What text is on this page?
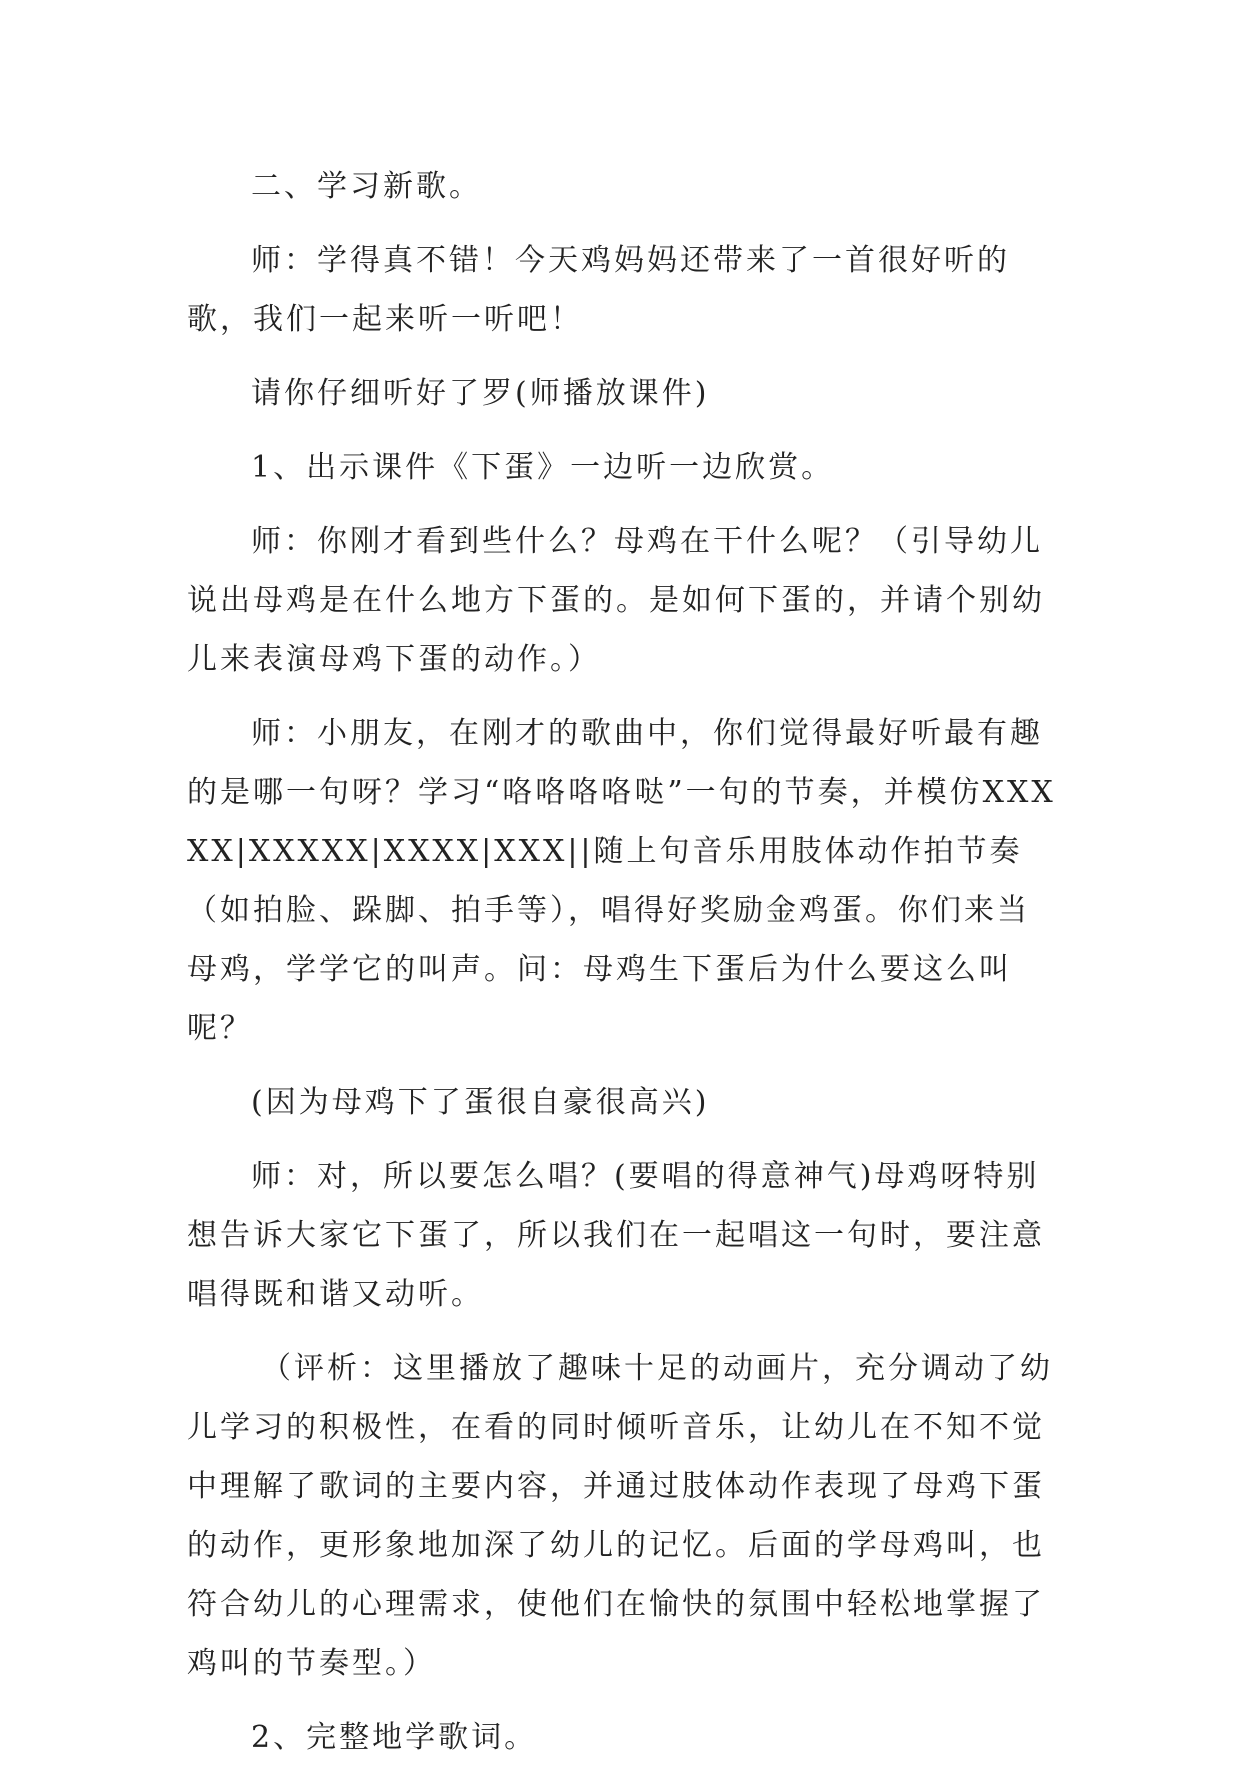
二、学习新歌。

师：学得真不错！今天鸡妈妈还带来了一首很好听的歌，我们一起来听一听吧！

请你仔细听好了罗(师播放课件)

1、出示课件《下蛋》一边听一边欣赏。

师：你刚才看到些什么？母鸡在干什么呢？（引导幼儿说出母鸡是在什么地方下蛋的。是如何下蛋的，并请个别幼儿来表演母鸡下蛋的动作。）

师：小朋友，在刚才的歌曲中，你们觉得最好听最有趣的是哪一句呀？学习“咯咯咯咯哒”一句的节奏，并模仿XXXXX|XXXXX|XXXX|XXX||随上句音乐用肢体动作拍节奏（如拍脸、跺脚、拍手等），唱得好奖励金鸡蛋。你们来当母鸡，学学它的叫声。问：母鸡生下蛋后为什么要这么叫呢？

(因为母鸡下了蛋很自豪很高兴)

师：对，所以要怎么唱？(要唱的得意神气)母鸡呀特别想告诉大家它下蛋了，所以我们在一起唱这一句时，要注意唱得既和谐又动听。

（评析：这里播放了趣味十足的动画片，充分调动了幼儿学习的积极性，在看的同时倾听音乐，让幼儿在不知不觉中理解了歌词的主要内容，并通过肢体动作表现了母鸡下蛋的动作，更形象地加深了幼儿的记忆。后面的学母鸡叫，也符合幼儿的心理需求，使他们在愉快的氛围中轻松地掌握了鸡叫的节奏型。）

2、完整地学歌词。
